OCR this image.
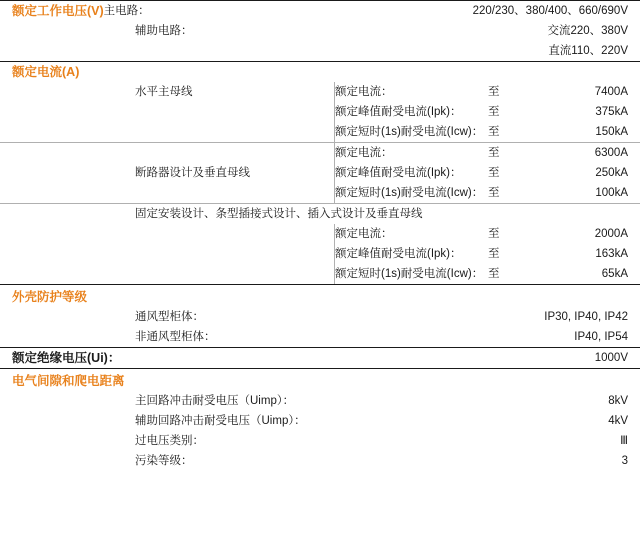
额定工作电压(V) 主电路：	220/230、380/400、660/690V
辅助电路：	交流220、380V
直流110、220V
额定电流(A)
水平主母线	额定电流：	至	7400A
额定峰值耐受电流(Ipk)：	至	375kA
额定短时(1s)耐受电流(Icw)： 至	150kA
断路器设计及垂直母线
额定电流：	至	6300A
额定峰值耐受电流(Ipk)：	至	250kA
额定短时(1s)耐受电流(Icw)： 至	100kA
固定安装设计、条型插接式设计、插入式设计及垂直母线
额定电流：	至	2000A
额定峰值耐受电流(Ipk)：	至	163kA
额定短时(1s)耐受电流(Icw)： 至	65kA
外壳防护等级
通风型柜体：	IP30, IP40, IP42
非通风型柜体：	IP40, IP54
额定绝缘电压(Ui)：	1000V
电气间隙和爬电距离
主回路冲击耐受电压（Uimp）：	8kV
辅助回路冲击耐受电压（Uimp）：	4kV
过电压类别：	Ⅲ
污染等级：	3
